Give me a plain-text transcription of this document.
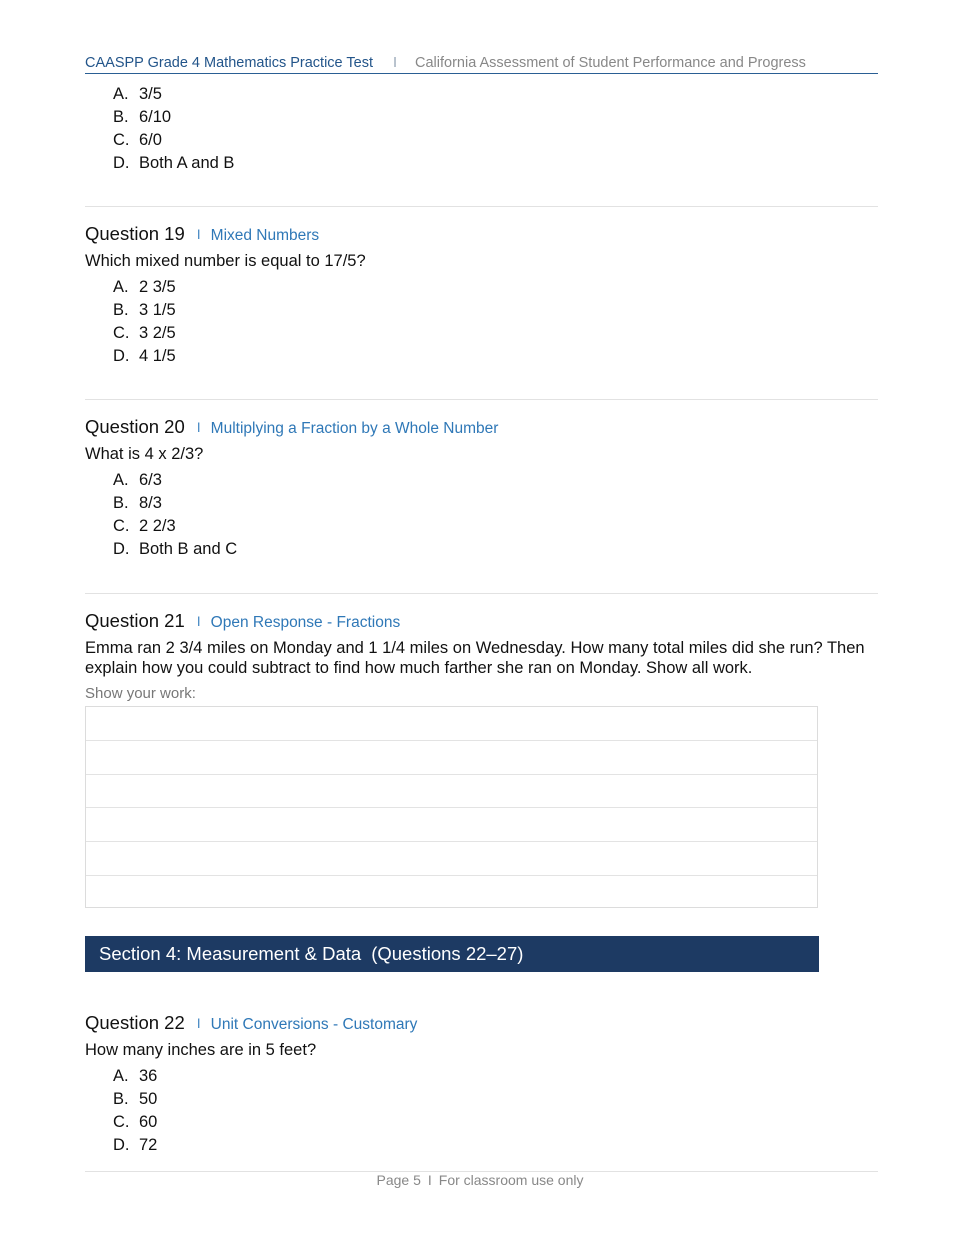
CAASPP Grade 4 Mathematics Practice Test I California Assessment of Student Performance and Progress
A. 3/5
B. 6/10
C. 6/0
D. Both A and B
Question 19 I Mixed Numbers
Which mixed number is equal to 17/5?
A. 2 3/5
B. 3 1/5
C. 3 2/5
D. 4 1/5
Question 20 I Multiplying a Fraction by a Whole Number
What is 4 x 2/3?
A. 6/3
B. 8/3
C. 2 2/3
D. Both B and C
Question 21 I Open Response - Fractions
Emma ran 2 3/4 miles on Monday and 1 1/4 miles on Wednesday. How many total miles did she run? Then explain how you could subtract to find how much farther she ran on Monday. Show all work.
Show your work:
Section 4: Measurement & Data (Questions 22–27)
Question 22 I Unit Conversions - Customary
How many inches are in 5 feet?
A. 36
B. 50
C. 60
D. 72
Page 5 I For classroom use only
